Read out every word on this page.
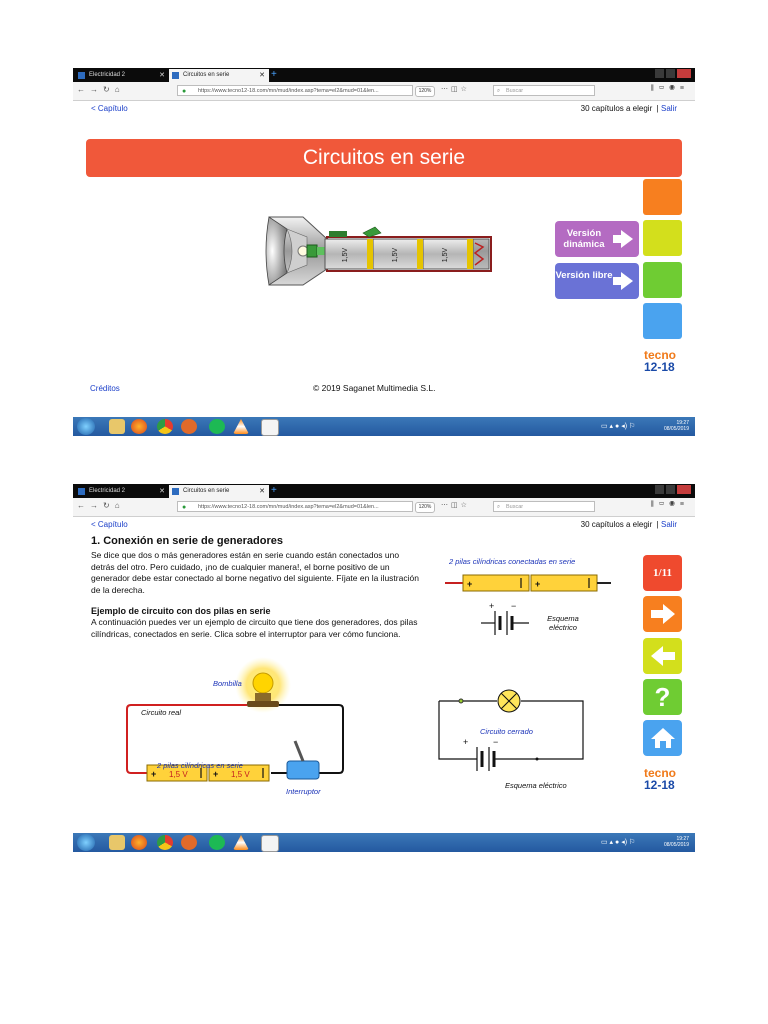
Electricidad 2	✕	Circuitos en serie	✕ +
←→↻⌂	● https://www.tecno12-18.com/mn/mud/index.asp?tema=el2&mud=01&len...	120%	⋯◫☆	⌕ Buscar	⫼▭◉≡
< Capítulo	30 capítulos a elegir  | Salir
Circuitos en serie
1,5V	1,5V	1,5V
Versión dinámica
Versión libre
tecno
12-18
Créditos	© 2019 Saganet Multimedia S.L.
▭ ▴ ● ◂) ⚐	19:27
08/05/2019
Electricidad 2	✕	Circuitos en serie	✕ +
←→↻⌂	● https://www.tecno12-18.com/mn/mud/index.asp?tema=el2&mud=01&len...	120%	⋯◫☆	⌕ Buscar	⫼▭◉≡
< Capítulo	30 capítulos a elegir  | Salir
1. Conexión en serie de generadores
Se dice que dos o más generadores están en serie cuando están conectados uno detrás del otro. Pero cuidado, ¡no de cualquier manera!, el borne positivo de un generador debe estar conectado al borne negativo del siguiente. Fíjate en la ilustración de la derecha.
Ejemplo de circuito con dos pilas en serie
A continuación puedes ver un ejemplo de circuito que tiene dos generadores, dos pilas cilíndricas, conectados en serie. Clica sobre el interruptor para ver cómo funciona.
2 pilas cilíndricas conectadas en serie
+	+
+ −
Esquema eléctrico
+	+
1,5 V	1,5 V
Bombilla
Circuito real
2 pilas cilíndricas en serie
Interruptor
+	−
Circuito cerrado
Esquema eléctrico
1/11
?
tecno
12-18
▭ ▴ ● ◂) ⚐	19:27
08/05/2019
